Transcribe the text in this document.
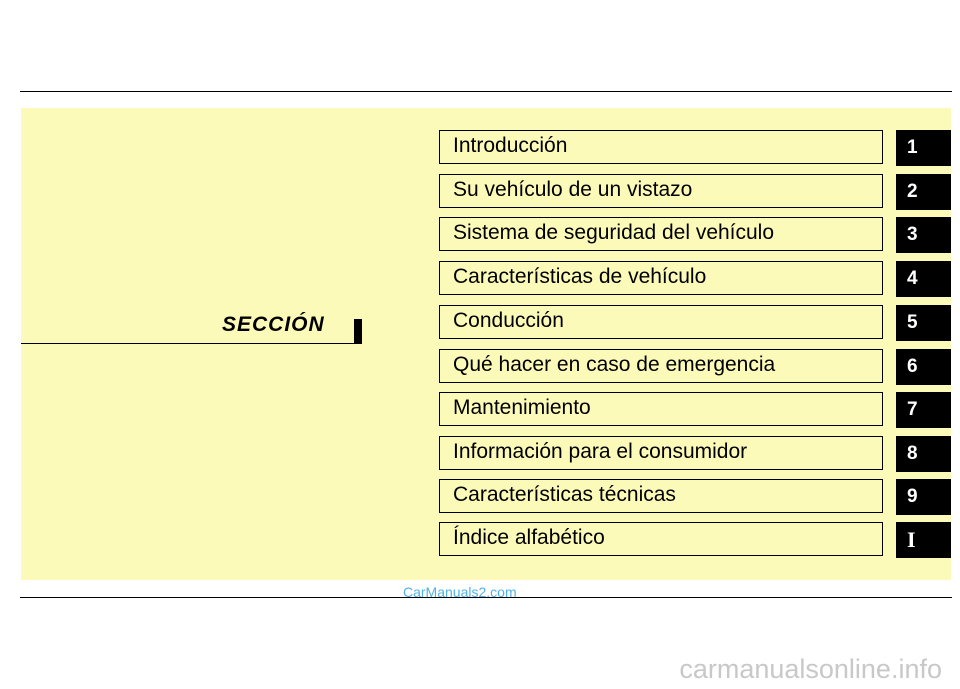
SECCIÓN
Introducción	1
Su vehículo de un vistazo	2
Sistema de seguridad del vehículo	3
Características de vehículo	4
Conducción	5
Qué hacer en caso de emergencia	6
Mantenimiento	7
Información para el consumidor	8
Características técnicas	9
Índice alfabético	I
CarManuals2.com
carmanualsonline.info
